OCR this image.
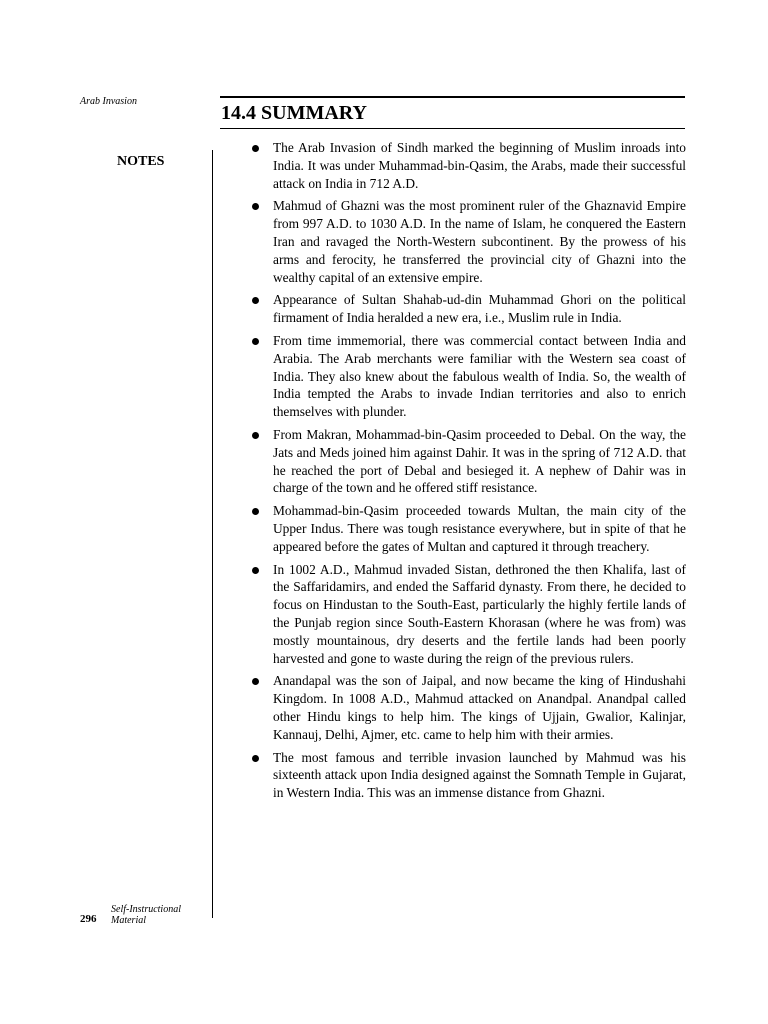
Arab Invasion
NOTES
14.4 SUMMARY
The Arab Invasion of Sindh marked the beginning of Muslim inroads into India. It was under Muhammad-bin-Qasim, the Arabs, made their successful attack on India in 712 A.D.
Mahmud of Ghazni was the most prominent ruler of the Ghaznavid Empire from 997 A.D. to 1030 A.D. In the name of Islam, he conquered the Eastern Iran and ravaged the North-Western subcontinent. By the prowess of his arms and ferocity, he transferred the provincial city of Ghazni into the wealthy capital of an extensive empire.
Appearance of Sultan Shahab-ud-din Muhammad Ghori on the political firmament of India heralded a new era, i.e., Muslim rule in India.
From time immemorial, there was commercial contact between India and Arabia. The Arab merchants were familiar with the Western sea coast of India. They also knew about the fabulous wealth of India. So, the wealth of India tempted the Arabs to invade Indian territories and also to enrich themselves with plunder.
From Makran, Mohammad-bin-Qasim proceeded to Debal. On the way, the Jats and Meds joined him against Dahir. It was in the spring of 712 A.D. that he reached the port of Debal and besieged it. A nephew of Dahir was in charge of the town and he offered stiff resistance.
Mohammad-bin-Qasim proceeded towards Multan, the main city of the Upper Indus. There was tough resistance everywhere, but in spite of that he appeared before the gates of Multan and captured it through treachery.
In 1002 A.D., Mahmud invaded Sistan, dethroned the then Khalifa, last of the Saffaridamirs, and ended the Saffarid dynasty. From there, he decided to focus on Hindustan to the South-East, particularly the highly fertile lands of the Punjab region since South-Eastern Khorasan (where he was from) was mostly mountainous, dry deserts and the fertile lands had been poorly harvested and gone to waste during the reign of the previous rulers.
Anandapal was the son of Jaipal, and now became the king of Hindushahi Kingdom. In 1008 A.D., Mahmud attacked on Anandpal. Anandpal called other Hindu kings to help him. The kings of Ujjain, Gwalior, Kalinjar, Kannauj, Delhi, Ajmer, etc. came to help him with their armies.
The most famous and terrible invasion launched by Mahmud was his sixteenth attack upon India designed against the Somnath Temple in Gujarat, in Western India. This was an immense distance from Ghazni.
296
Self-Instructional
Material
